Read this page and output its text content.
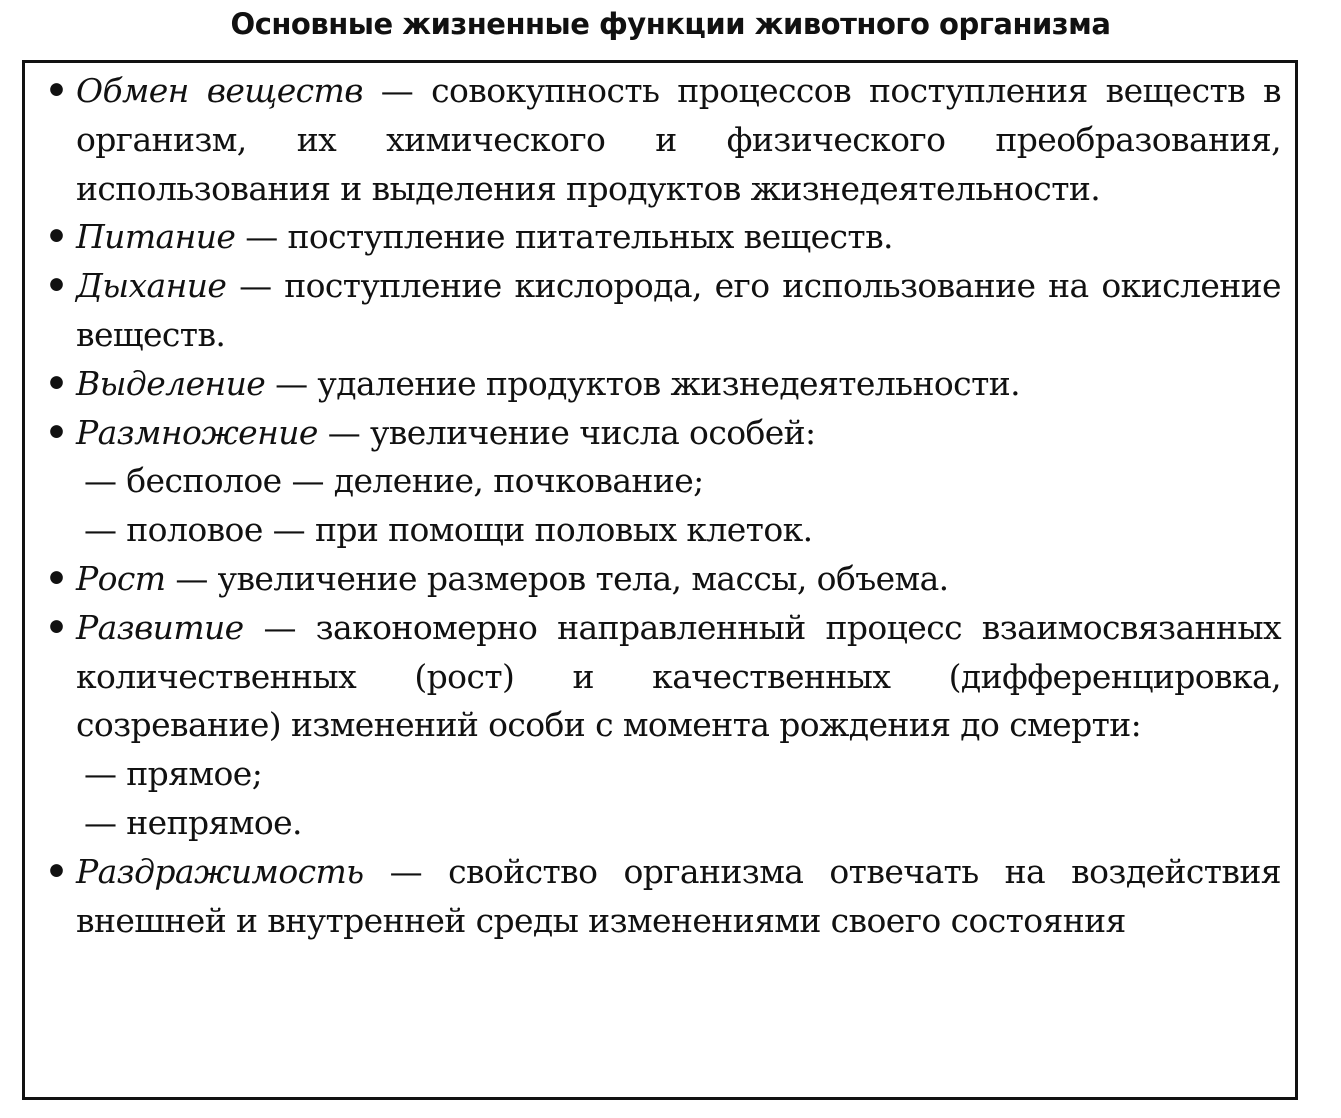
Основные жизненные функции животного организма
• Обмен веществ — совокупность процессов поступления веществ в организм, их химического и физического преобразования, использования и выделения продуктов жизнедеятельности.
• Питание — поступление питательных веществ.
• Дыхание — поступление кислорода, его использование на окисление веществ.
• Выделение — удаление продуктов жизнедеятельности.
• Размножение — увеличение числа особей:
— бесполое — деление, почкование;
— половое — при помощи половых клеток.
• Рост — увеличение размеров тела, массы, объема.
• Развитие — закономерно направленный процесс взаимосвязанных количественных (рост) и качественных (дифференцировка, созревание) изменений особи с момента рождения до смерти:
— прямое;
— непрямое.
• Раздражимость — свойство организма отвечать на воздействия внешней и внутренней среды изменениями своего состояния
